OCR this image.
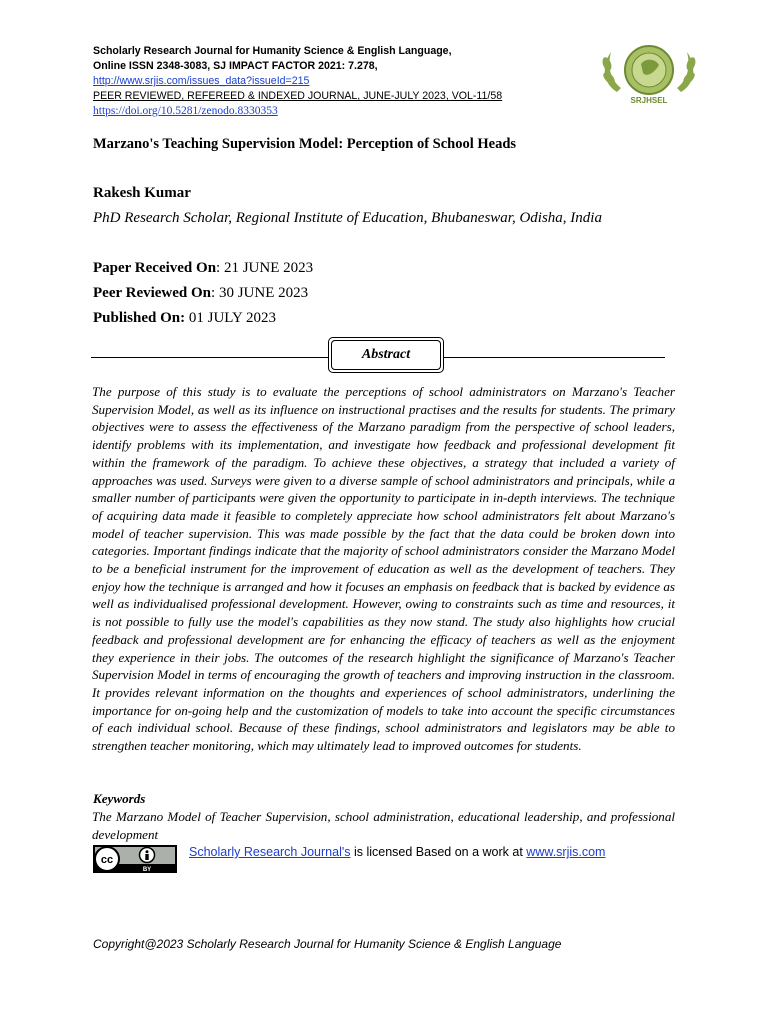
Scholarly Research Journal for Humanity Science & English Language,
Online ISSN 2348-3083, SJ IMPACT FACTOR 2021: 7.278,
http://www.srjis.com/issues_data?issueId=215
PEER REVIEWED, REFEREED & INDEXED JOURNAL, JUNE-JULY 2023, VOL-11/58
https://doi.org/10.5281/zenodo.8330353
SRJHSEL
Marzano's Teaching Supervision Model: Perception of School Heads
Rakesh Kumar
PhD Research Scholar, Regional Institute of Education, Bhubaneswar, Odisha, India
Paper Received On: 21 JUNE 2023
Peer Reviewed On: 30 JUNE 2023
Published On: 01 JULY 2023
Abstract
The purpose of this study is to evaluate the perceptions of school administrators on Marzano's Teacher Supervision Model, as well as its influence on instructional practises and the results for students. The primary objectives were to assess the effectiveness of the Marzano paradigm from the perspective of school leaders, identify problems with its implementation, and investigate how feedback and professional development fit within the framework of the paradigm. To achieve these objectives, a strategy that included a variety of approaches was used. Surveys were given to a diverse sample of school administrators and principals, while a smaller number of participants were given the opportunity to participate in in-depth interviews. The technique of acquiring data made it feasible to completely appreciate how school administrators felt about Marzano's model of teacher supervision. This was made possible by the fact that the data could be broken down into categories. Important findings indicate that the majority of school administrators consider the Marzano Model to be a beneficial instrument for the improvement of education as well as the development of teachers. They enjoy how the technique is arranged and how it focuses an emphasis on feedback that is backed by evidence as well as individualised professional development. However, owing to constraints such as time and resources, it is not possible to fully use the model's capabilities as they now stand. The study also highlights how crucial feedback and professional development are for enhancing the efficacy of teachers as well as the enjoyment they experience in their jobs. The outcomes of the research highlight the significance of Marzano's Teacher Supervision Model in terms of encouraging the growth of teachers and improving instruction in the classroom. It provides relevant information on the thoughts and experiences of school administrators, underlining the importance for on-going help and the customization of models to take into account the specific circumstances of each individual school. Because of these findings, school administrators and legislators may be able to strengthen teacher monitoring, which may ultimately lead to improved outcomes for students.
Keywords
The Marzano Model of Teacher Supervision, school administration, educational leadership, and professional development
cc
BY
Scholarly Research Journal's is licensed Based on a work at www.srjis.com
Copyright@2023 Scholarly Research Journal for Humanity Science & English Language
